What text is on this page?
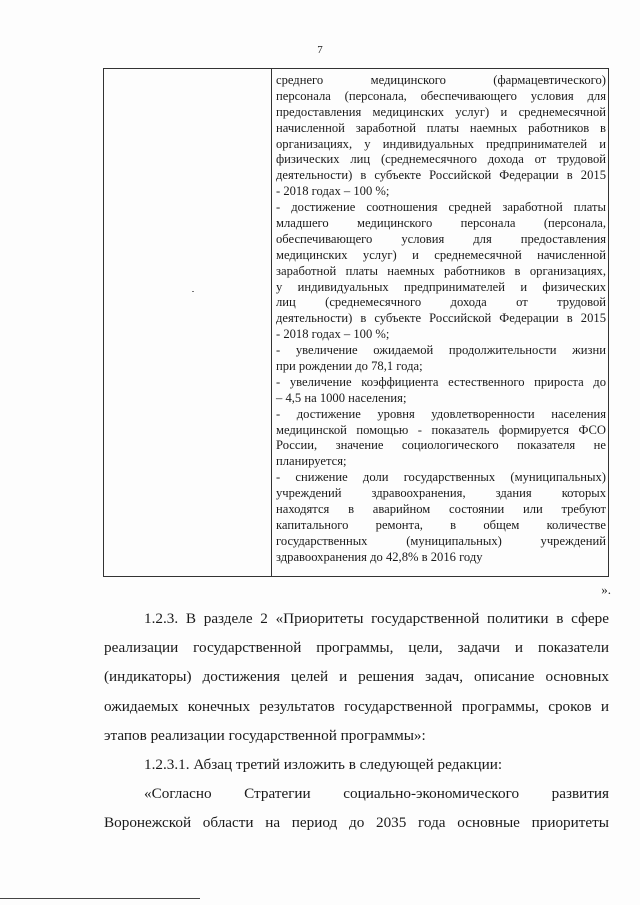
7
среднего медицинского (фармацевтического)
персонала (персонала, обеспечивающего условия для
предоставления медицинских услуг) и среднемесячной
начисленной заработной платы наемных работников в
организациях, у индивидуальных предпринимателей и
физических лиц (среднемесячного дохода от трудовой
деятельности) в субъекте Российской Федерации в 2015
- 2018 годах – 100 %;
- достижение соотношения средней заработной платы
младшего медицинского персонала (персонала,
обеспечивающего условия для предоставления
медицинских услуг) и среднемесячной начисленной
заработной платы наемных работников в организациях,
у индивидуальных предпринимателей и физических
лиц (среднемесячного дохода от трудовой
деятельности) в субъекте Российской Федерации в 2015
- 2018 годах – 100 %;
- увеличение ожидаемой продолжительности жизни
при рождении до 78,1 года;
- увеличение коэффициента естественного прироста до
– 4,5 на 1000 населения;
- достижение уровня удовлетворенности населения
медицинской помощью - показатель формируется ФСО
России, значение социологического показателя не
планируется;
- снижение доли государственных (муниципальных)
учреждений здравоохранения, здания которых
находятся в аварийном состоянии или требуют
капитального ремонта, в общем количестве
государственных (муниципальных) учреждений
здравоохранения до 42,8% в 2016 году
».
1.2.3. В разделе 2 «Приоритеты государственной политики в сфере
реализации государственной программы, цели, задачи и показатели
(индикаторы) достижения целей и решения задач, описание основных
ожидаемых конечных результатов государственной программы, сроков и
этапов реализации государственной программы»:
1.2.3.1. Абзац третий изложить в следующей редакции:
«Согласно Стратегии социально-экономического развития
Воронежской области на период до 2035 года основные приоритеты
